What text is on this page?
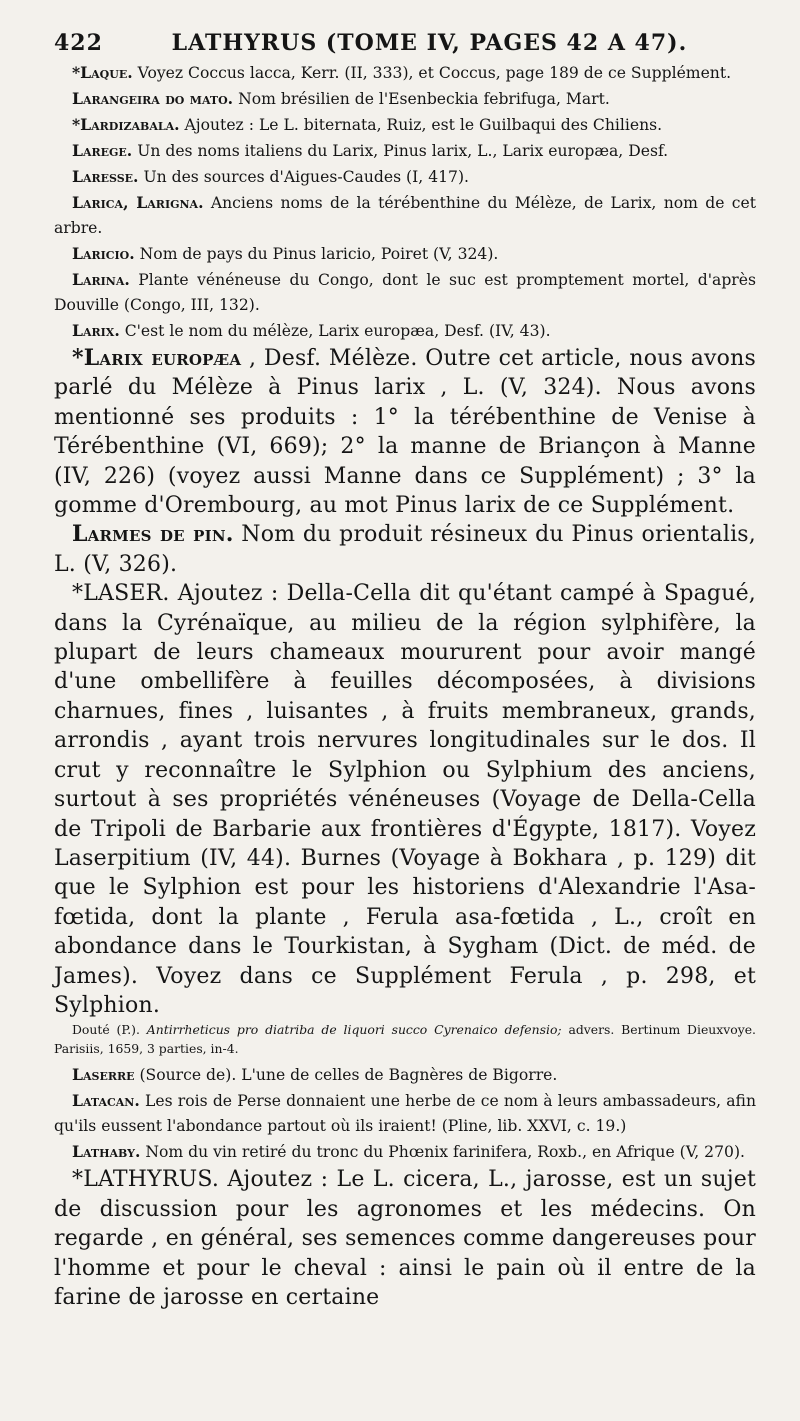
422	LATHYRUS (TOME IV, PAGES 42 A 47).

*Laque. Voyez Coccus lacca, Kerr. (II, 333), et Coccus, page 189 de ce Supplément.

Larangeira do mato. Nom brésilien de l'Esenbeckia febrifuga, Mart.

*Lardizabala. Ajoutez : Le L. biternata, Ruiz, est le Guilbaqui des Chiliens.

Larege. Un des noms italiens du Larix, Pinus larix, L., Larix europæa, Desf.

Laresse. Un des sources d'Aigues-Caudes (I, 417).

Larica, Larigna. Anciens noms de la térébenthine du Mélèze, de Larix, nom de cet arbre.

Laricio. Nom de pays du Pinus laricio, Poiret (V, 324).

Larina. Plante vénéneuse du Congo, dont le suc est promptement mortel, d'après Douville (Congo, III, 132).

Larix. C'est le nom du mélèze, Larix europæa, Desf. (IV, 43).

*Larix europæa , Desf. Mélèze. Outre cet article, nous avons parlé du Mélèze à Pinus larix , L. (V, 324). Nous avons mentionné ses produits : 1° la térébenthine de Venise à Térébenthine (VI, 669); 2° la manne de Briançon à Manne (IV, 226) (voyez aussi Manne dans ce Supplément) ; 3° la gomme d'Orembourg, au mot Pinus larix de ce Supplément.

Larmes de pin. Nom du produit résineux du Pinus orientalis, L. (V, 326).

*LASER. Ajoutez : Della-Cella dit qu'étant campé à Spagué, dans la Cyrénaïque, au milieu de la région sylphifère, la plupart de leurs chameaux moururent pour avoir mangé d'une ombellifère à feuilles décomposées, à divisions charnues, fines , luisantes , à fruits membraneux, grands, arrondis , ayant trois nervures longitudinales sur le dos. Il crut y reconnaître le Sylphion ou Sylphium des anciens, surtout à ses propriétés vénéneuses (Voyage de Della-Cella de Tripoli de Barbarie aux frontières d'Égypte, 1817). Voyez Laserpitium (IV, 44). Burnes (Voyage à Bokhara , p. 129) dit que le Sylphion est pour les historiens d'Alexandrie l'Asa-fœtida, dont la plante , Ferula asa-fœtida , L., croît en abondance dans le Tourkistan, à Sygham (Dict. de méd. de James). Voyez dans ce Supplément Ferula , p. 298, et Sylphion.

Douté (P.). Antirrheticus pro diatriba de liquori succo Cyrenaico defensio; advers. Bertinum Dieuxvoye. Parisiis, 1659, 3 parties, in-4.

Laserre (Source de). L'une de celles de Bagnères de Bigorre.

Latacan. Les rois de Perse donnaient une herbe de ce nom à leurs ambassadeurs, afin qu'ils eussent l'abondance partout où ils iraient! (Pline, lib. XXVI, c. 19.)

Lathaby. Nom du vin retiré du tronc du Phœnix farinifera, Roxb., en Afrique (V, 270).

*LATHYRUS. Ajoutez : Le L. cicera, L., jarosse, est un sujet de discussion pour les agronomes et les médecins. On regarde , en général, ses semences comme dangereuses pour l'homme et pour le cheval : ainsi le pain où il entre de la farine de jarosse en certaine
